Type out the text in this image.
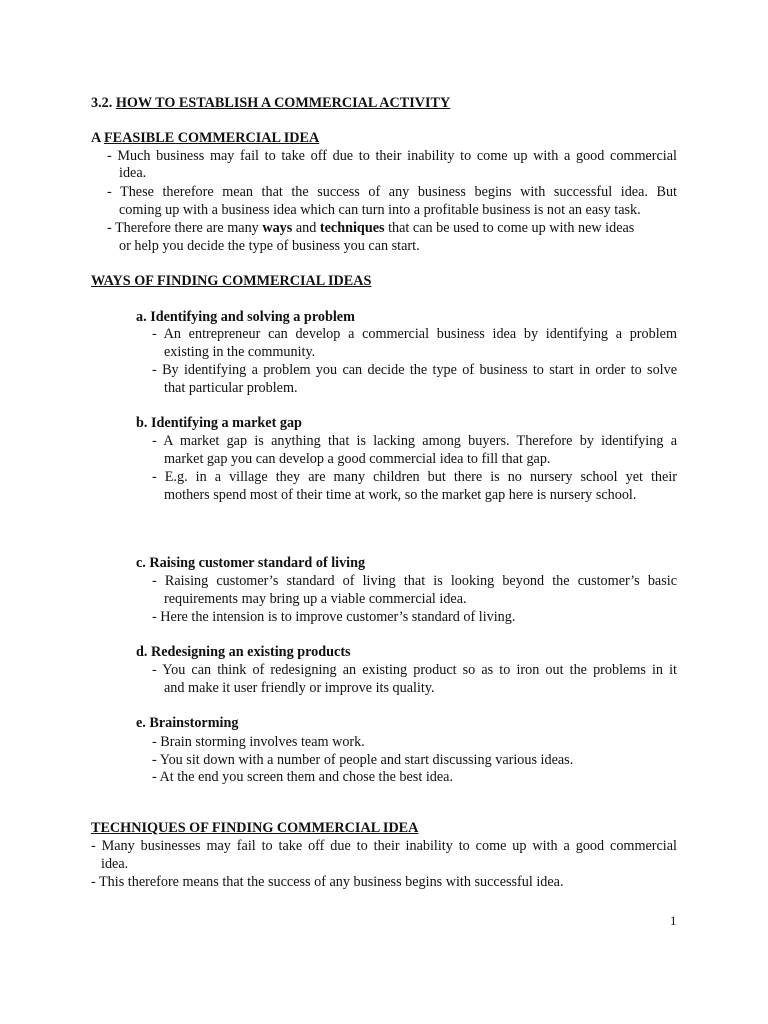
3.2. HOW TO ESTABLISH A COMMERCIAL ACTIVITY
A FEASIBLE COMMERCIAL IDEA
- Much business may fail to take off due to their inability to come up with a good commercial
idea.
- These therefore mean that the success of any business begins with successful idea. But
coming up with a business idea which can turn into a profitable business is not an easy task.
- Therefore there are many ways and techniques that can be used to come up with new ideas
or help you decide the type of business you can start.
WAYS OF FINDING COMMERCIAL IDEAS
a. Identifying and solving a problem
- An entrepreneur can develop a commercial business idea by identifying a problem
existing in the community.
- By identifying a problem you can decide the type of business to start in order to solve
that particular problem.
b. Identifying a market gap
- A market gap is anything that is lacking among buyers. Therefore by identifying a
market gap you can develop a good commercial idea to fill that gap.
- E.g. in a village they are many children but there is no nursery school yet their
mothers spend most of their time at work, so the market gap here is nursery school.
c. Raising customer standard of living
- Raising customer’s standard of living that is looking beyond the customer’s basic
requirements may bring up a viable commercial idea.
- Here the intension is to improve customer’s standard of living.
d. Redesigning an existing products
- You can think of redesigning an existing product so as to iron out the problems in it
and make it user friendly or improve its quality.
e. Brainstorming
- Brain storming involves team work.
- You sit down with a number of people and start discussing various ideas.
- At the end you screen them and chose the best idea.
TECHNIQUES OF FINDING COMMERCIAL IDEA
- Many businesses may fail to take off due to their inability to come up with a good commercial
idea.
- This therefore means that the success of any business begins with successful idea.
1
